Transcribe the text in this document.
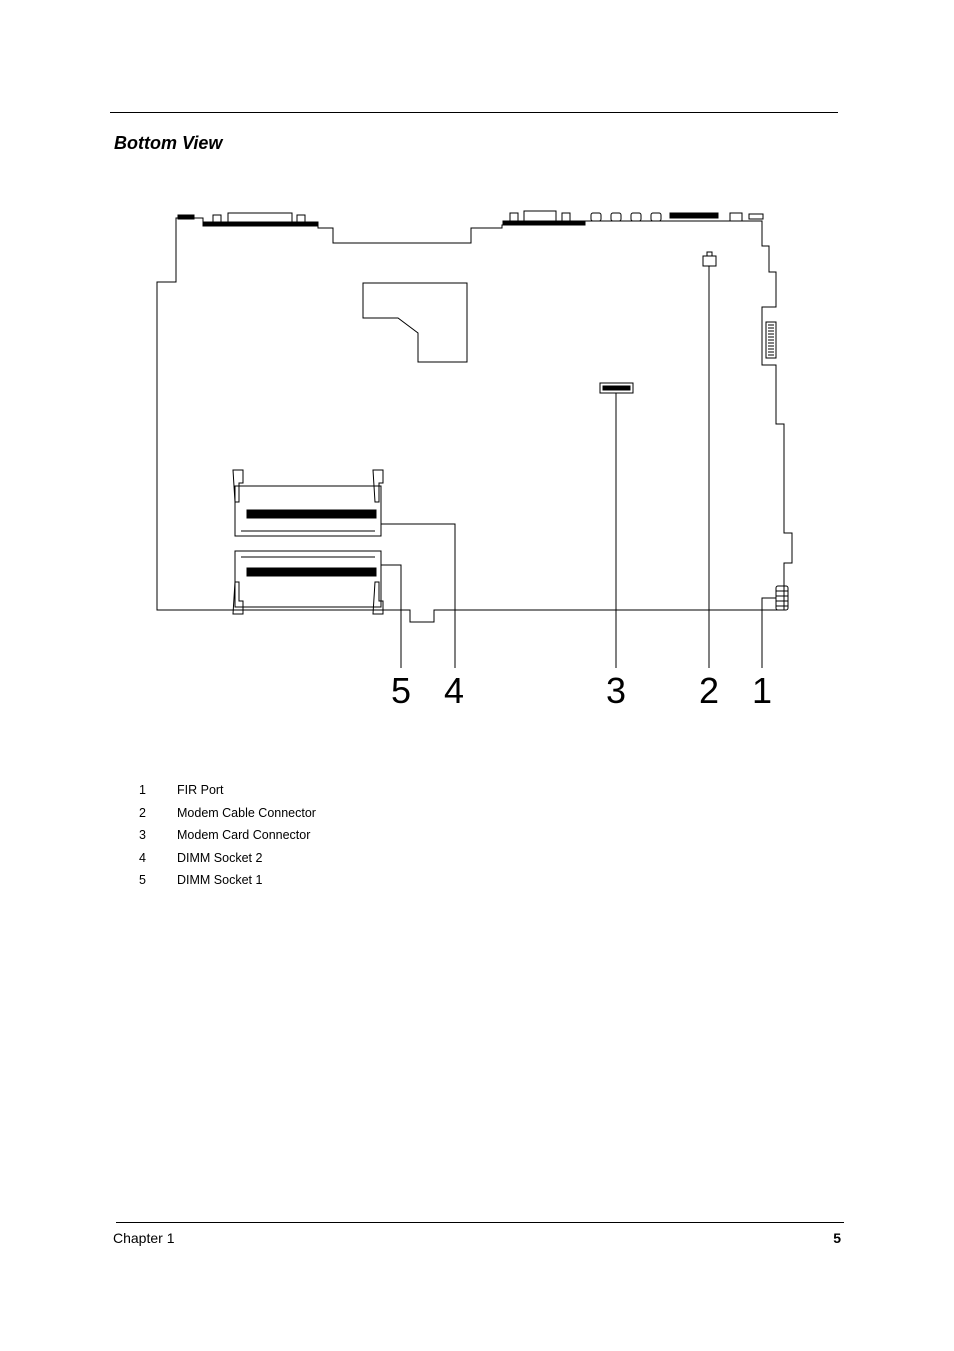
Bottom View
5 4	3 2 1
1 FIR Port
2 Modem Cable Connector
3 Modem Card Connector
4 DIMM Socket 2
5 DIMM Socket 1
Chapter 1	5
